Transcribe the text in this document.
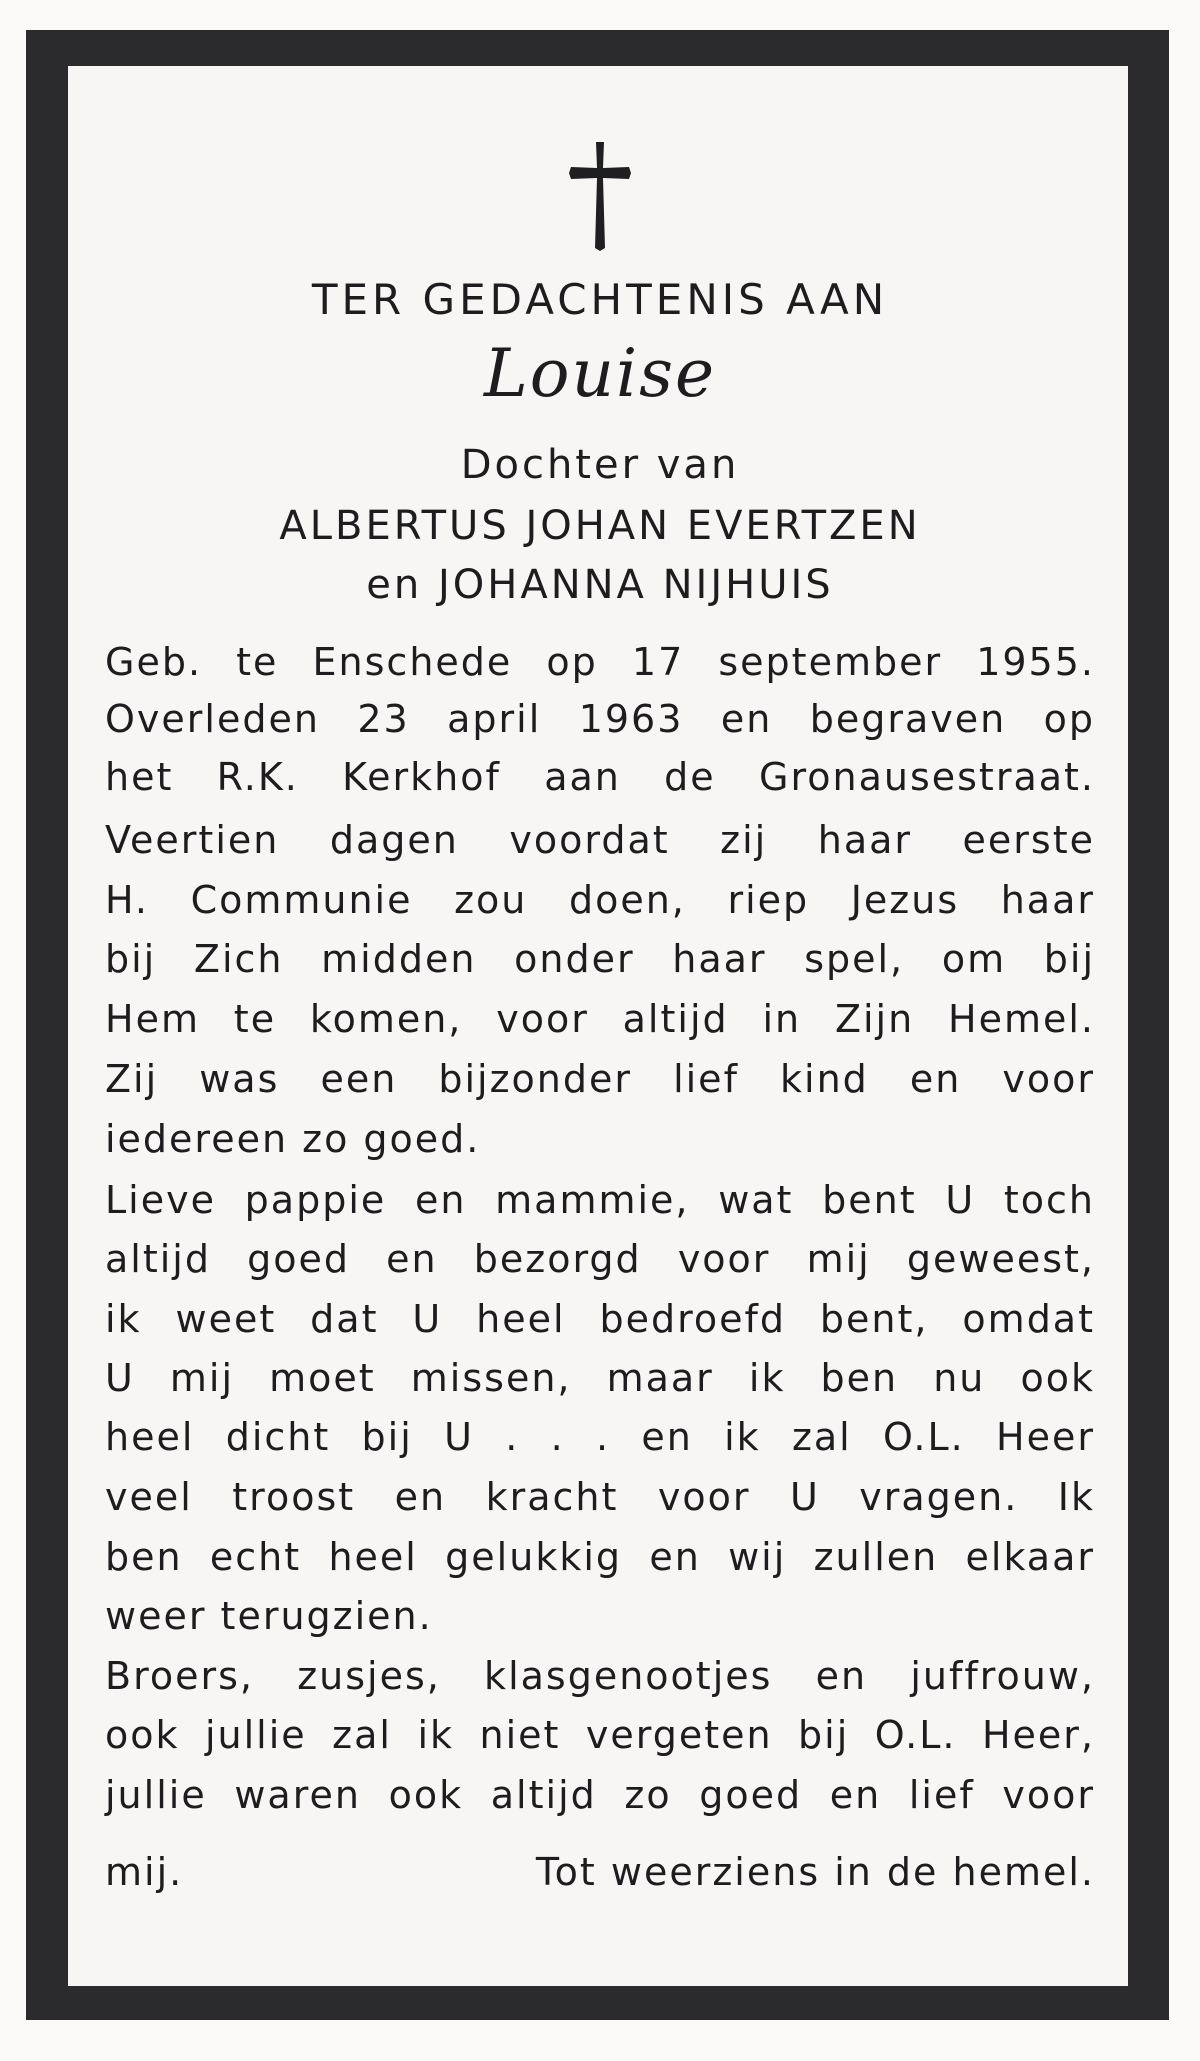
TER GEDACHTENIS AAN
Louise
Dochter van
ALBERTUS JOHAN EVERTZEN
en JOHANNA NIJHUIS
Geb. te Enschede op 17 september 1955.
Overleden 23 april 1963 en begraven op
het R.K. Kerkhof aan de Gronausestraat.
Veertien dagen voordat zij haar eerste
H. Communie zou doen, riep Jezus haar
bij Zich midden onder haar spel, om bij
Hem te komen, voor altijd in Zijn Hemel.
Zij was een bijzonder lief kind en voor
iedereen zo goed.
Lieve pappie en mammie, wat bent U toch
altijd goed en bezorgd voor mij geweest,
ik weet dat U heel bedroefd bent, omdat
U mij moet missen, maar ik ben nu ook
heel dicht bij U . . . en ik zal O.L. Heer
veel troost en kracht voor U vragen. Ik
ben echt heel gelukkig en wij zullen elkaar
weer terugzien.
Broers, zusjes, klasgenootjes en juffrouw,
ook jullie zal ik niet vergeten bij O.L. Heer,
jullie waren ook altijd zo goed en lief voor
mij.	Tot weerziens in de hemel.
